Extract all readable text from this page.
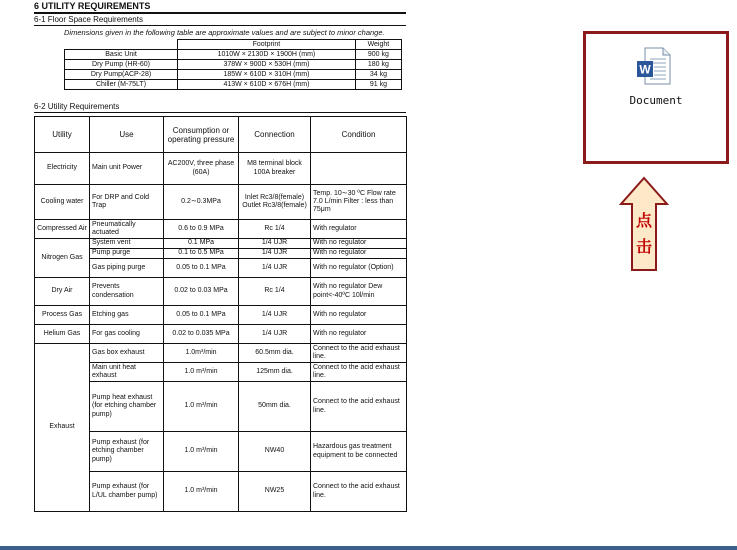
6 UTILITY REQUIREMENTS
6-1 Floor Space Requirements
Dimensions given in the following table are approximate values and are subject to minor change.
	Footprint	Weight
Basic Unit	1010W × 2130D × 1900H (mm)	900 kg
Dry Pump (HR-60)	378W × 900D × 530H (mm)	180 kg
Dry Pump(ACP-28)	185W × 610D × 310H (mm)	34 kg
Chiller (M-75LT)	413W × 610D × 676H (mm)	91 kg
6-2 Utility Requirements
Utility	Use	Consumption or operating pressure	Connection	Condition
Electricity	Main unit Power	AC200V, three phase (60A)	M8 terminal block 100A breaker	
Cooling water	For DRP and Cold Trap	0.2∼0.3MPa	Inlet Rc3/8(female) Outlet Rc3/8(female)	Temp. 10∼30 ºC Flow rate 7.0 L/min Filter : less than 75μm
Compressed Air	Pneumatically actuated	0.6 to 0.9 MPa	Rc 1/4	With regulator
Nitrogen Gas	System vent	0.1 MPa	1/4 UJR	With no regulator
	Pump purge	0.1 to 0.5 MPa	1/4 UJR	With no regulator
	Gas piping purge	0.05 to 0.1 MPa	1/4 UJR	With no regulator (Option)
Dry Air	Prevents condensation	0.02 to 0.03 MPa	Rc 1/4	With no regulator Dew point<-40ºC 10l/min
Process Gas	Etching gas	0.05 to 0.1 MPa	1/4 UJR	With no regulator
Helium Gas	For gas cooling	0.02 to 0.035 MPa	1/4 UJR	With no regulator
Exhaust	Gas box exhaust	1.0m³/min	60.5mm dia.	Connect to the acid exhaust line.
	Main unit heat exhaust	1.0 m³/min	125mm dia.	Connect to the acid exhaust line.
	Pump heat exhaust (for etching chamber pump)	1.0 m³/min	50mm dia.	Connect to the acid exhaust line.
	Pump exhaust (for etching chamber pump)	1.0 m³/min	NW40	Hazardous gas treatment equipment to be connected
	Pump exhaust (for L/UL chamber pump)	1.0 m³/min	NW25	Connect to the acid exhaust line.
W
Document
点
击
